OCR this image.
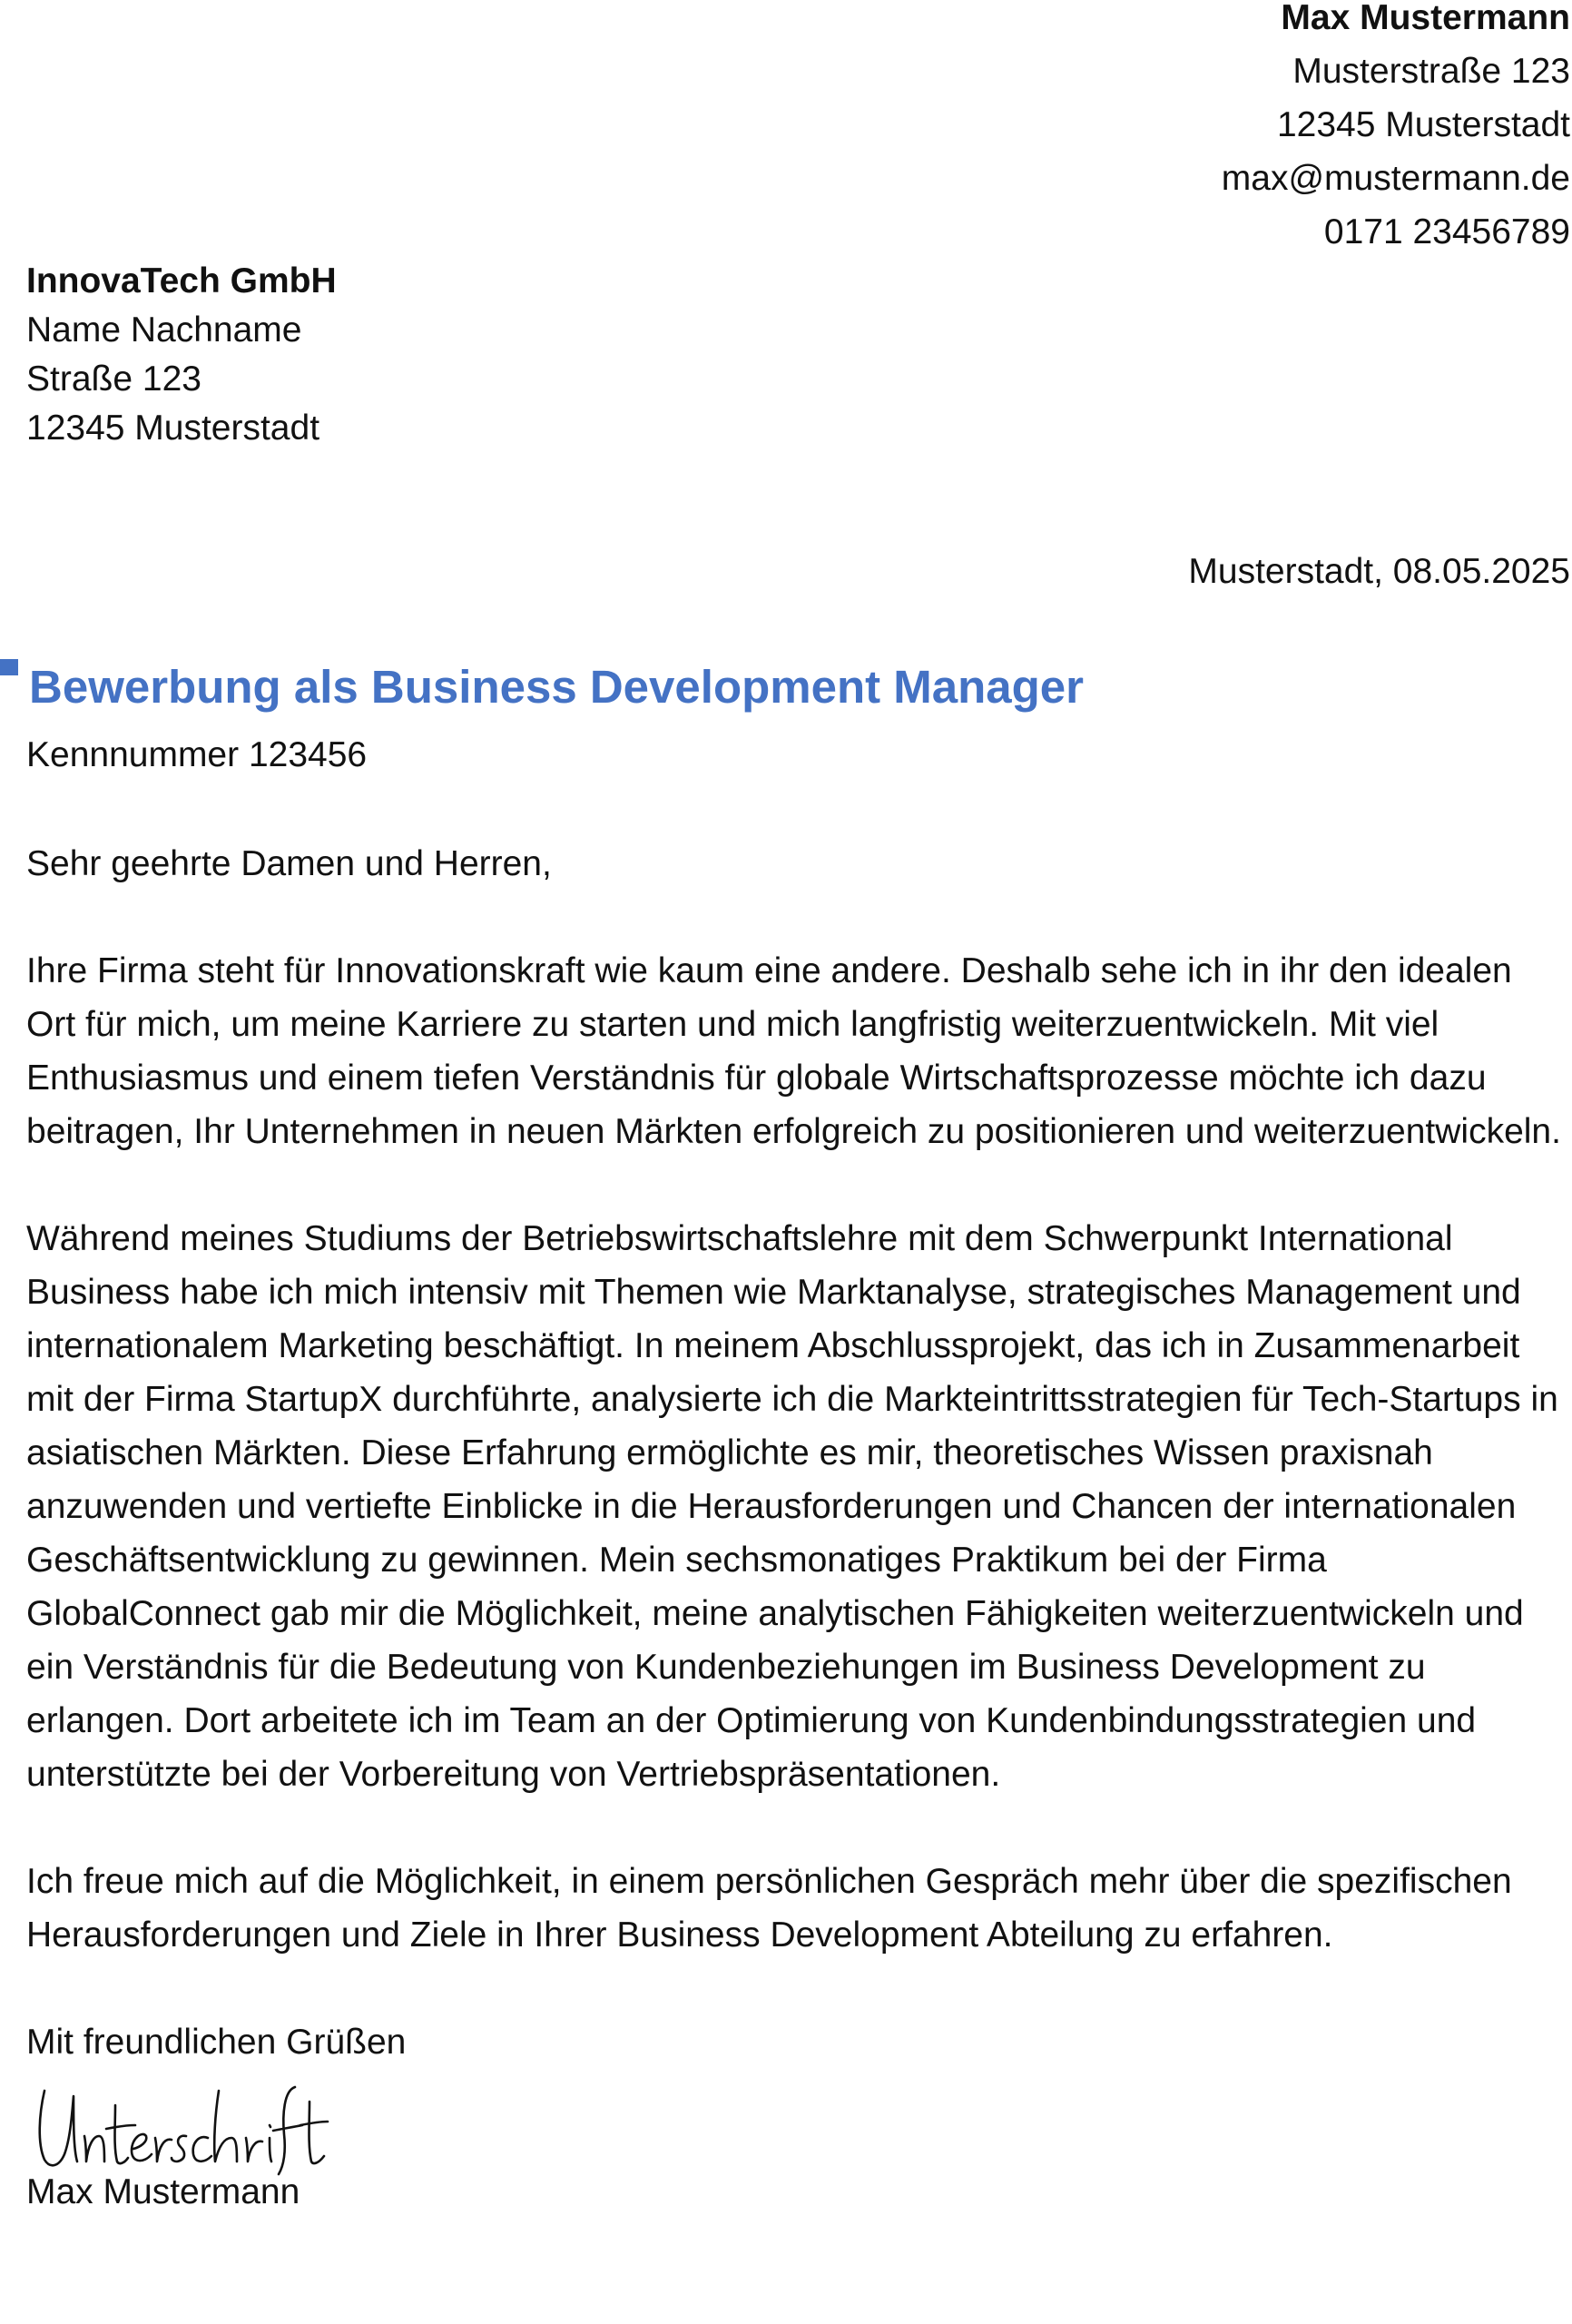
Max Mustermann
Musterstraße 123
12345 Musterstadt
max@mustermann.de
0171 23456789
InnovaTech GmbH
Name Nachname
Straße 123
12345 Musterstadt
Musterstadt, 08.05.2025
Bewerbung als Business Development Manager
Kennnummer 123456

Sehr geehrte Damen und Herren,

Ihre Firma steht für Innovationskraft wie kaum eine andere. Deshalb sehe ich in ihr den idealen Ort für mich, um meine Karriere zu starten und mich langfristig weiterzuentwickeln. Mit viel Enthusiasmus und einem tiefen Verständnis für globale Wirtschaftsprozesse möchte ich dazu beitragen, Ihr Unternehmen in neuen Märkten erfolgreich zu positionieren und weiterzuentwickeln.

Während meines Studiums der Betriebswirtschaftslehre mit dem Schwerpunkt International Business habe ich mich intensiv mit Themen wie Marktanalyse, strategisches Management und internationalem Marketing beschäftigt. In meinem Abschlussprojekt, das ich in Zusammenarbeit mit der Firma StartupX durchführte, analysierte ich die Markteintrittsstrategien für Tech-Startups in asiatischen Märkten. Diese Erfahrung ermöglichte es mir, theoretisches Wissen praxisnah anzuwenden und vertiefte Einblicke in die Herausforderungen und Chancen der internationalen Geschäftsentwicklung zu gewinnen. Mein sechsmonatiges Praktikum bei der Firma GlobalConnect gab mir die Möglichkeit, meine analytischen Fähigkeiten weiterzuentwickeln und ein Verständnis für die Bedeutung von Kundenbeziehungen im Business Development zu erlangen. Dort arbeitete ich im Team an der Optimierung von Kundenbindungsstrategien und unterstützte bei der Vorbereitung von Vertriebspräsentationen.

Ich freue mich auf die Möglichkeit, in einem persönlichen Gespräch mehr über die spezifischen Herausforderungen und Ziele in Ihrer Business Development Abteilung zu erfahren.

Mit freundlichen Grüßen

Max Mustermann
